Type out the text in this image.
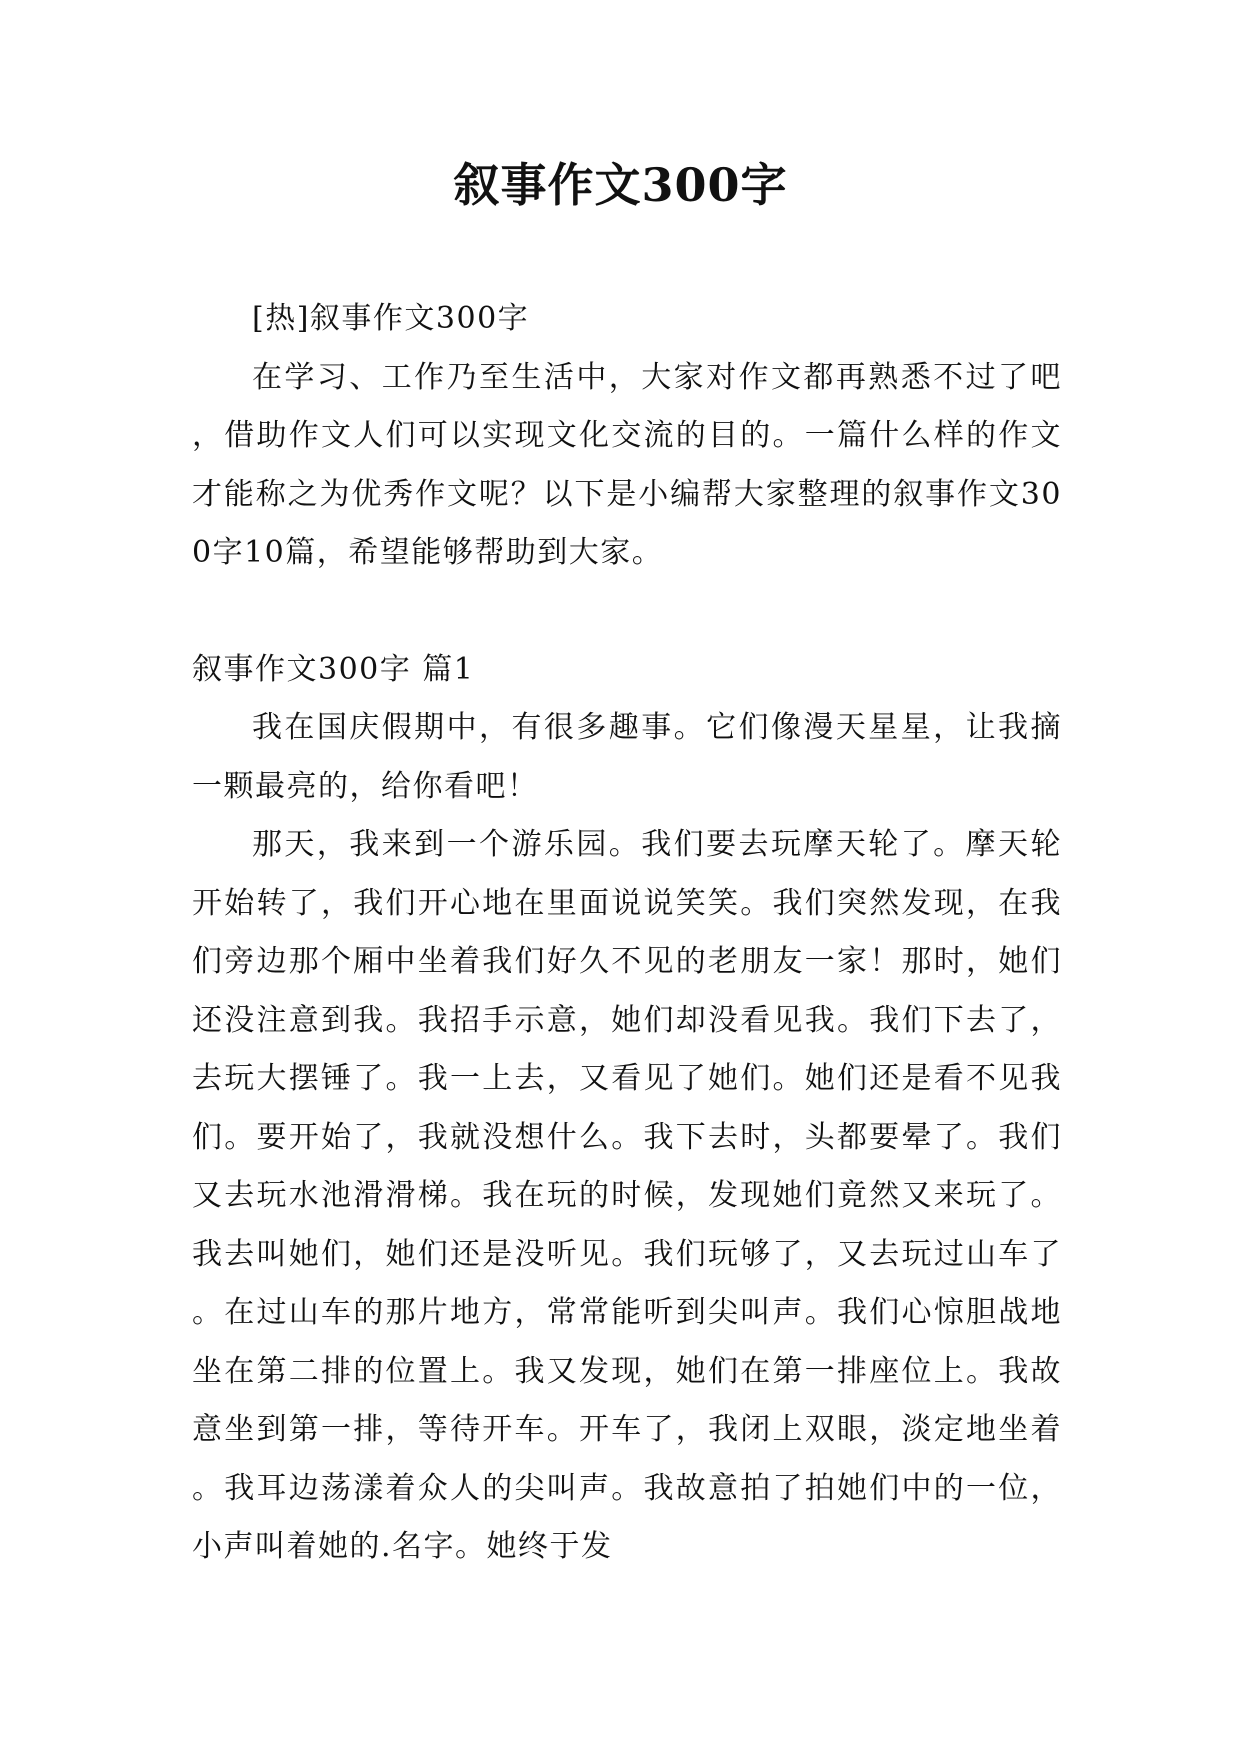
叙事作文300字

[热]叙事作文300字

在学习、工作乃至生活中，大家对作文都再熟悉不过了吧，借助作文人们可以实现文化交流的目的。一篇什么样的作文才能称之为优秀作文呢？以下是小编帮大家整理的叙事作文300字10篇，希望能够帮助到大家。

叙事作文300字 篇1

我在国庆假期中，有很多趣事。它们像漫天星星，让我摘一颗最亮的，给你看吧！

那天，我来到一个游乐园。我们要去玩摩天轮了。摩天轮开始转了，我们开心地在里面说说笑笑。我们突然发现，在我们旁边那个厢中坐着我们好久不见的老朋友一家！那时，她们还没注意到我。我招手示意，她们却没看见我。我们下去了，去玩大摆锤了。我一上去，又看见了她们。她们还是看不见我们。要开始了，我就没想什么。我下去时，头都要晕了。我们又去玩水池滑滑梯。我在玩的时候，发现她们竟然又来玩了。我去叫她们，她们还是没听见。我们玩够了，又去玩过山车了。在过山车的那片地方，常常能听到尖叫声。我们心惊胆战地坐在第二排的位置上。我又发现，她们在第一排座位上。我故意坐到第一排，等待开车。开车了，我闭上双眼，淡定地坐着。我耳边荡漾着众人的尖叫声。我故意拍了拍她们中的一位，小声叫着她的.名字。她终于发
